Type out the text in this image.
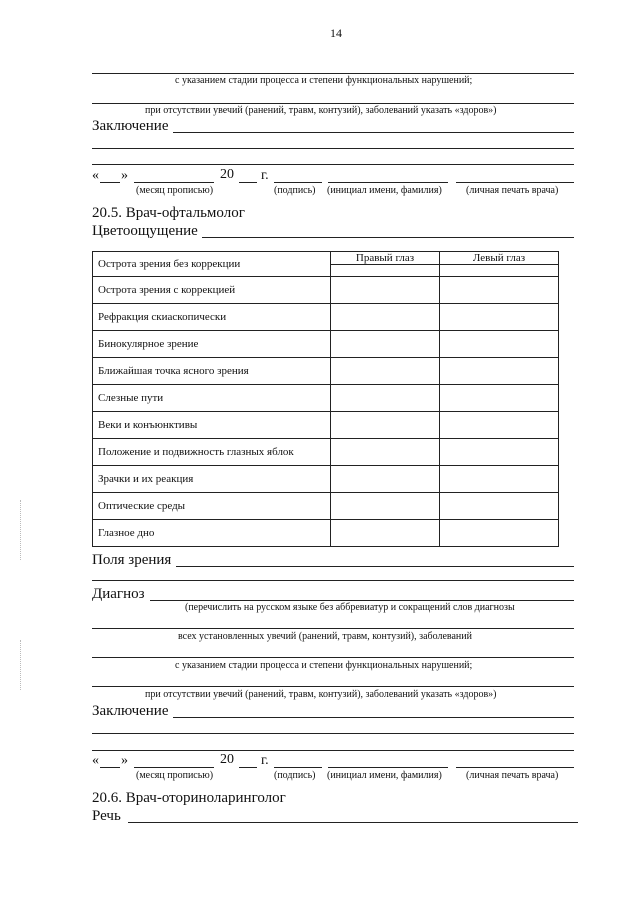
14
с указанием стадии процесса и степени функциональных нарушений;
при отсутствии увечий (ранений, травм, контузий), заболеваний указать «здоров»)
Заключение
« »	20 г.
(месяц прописью)	(подпись) (инициал имени, фамилия) (личная печать врача)
20.5. Врач-офтальмолог
Цветоощущение
Острота зрения без коррекции	Правый глаз	Левый глаз

Острота зрения с коррекцией		
Рефракция скиаскопически		
Бинокулярное зрение		
Ближайшая точка ясного зрения		
Слезные пути		
Веки и конъюнктивы		
Положение и подвижность глазных яблок		
Зрачки и их реакция		
Оптические среды		
Глазное дно		
Поля зрения
Диагноз
(перечислить на русском языке без аббревиатур и сокращений слов диагнозы
всех установленных увечий (ранений, травм, контузий), заболеваний
с указанием стадии процесса и степени функциональных нарушений;
при отсутствии увечий (ранений, травм, контузий), заболеваний указать «здоров»)
Заключение
« »	20 г.
(месяц прописью)	(подпись) (инициал имени, фамилия) (личная печать врача)
20.6. Врач-оториноларинголог
Речь
